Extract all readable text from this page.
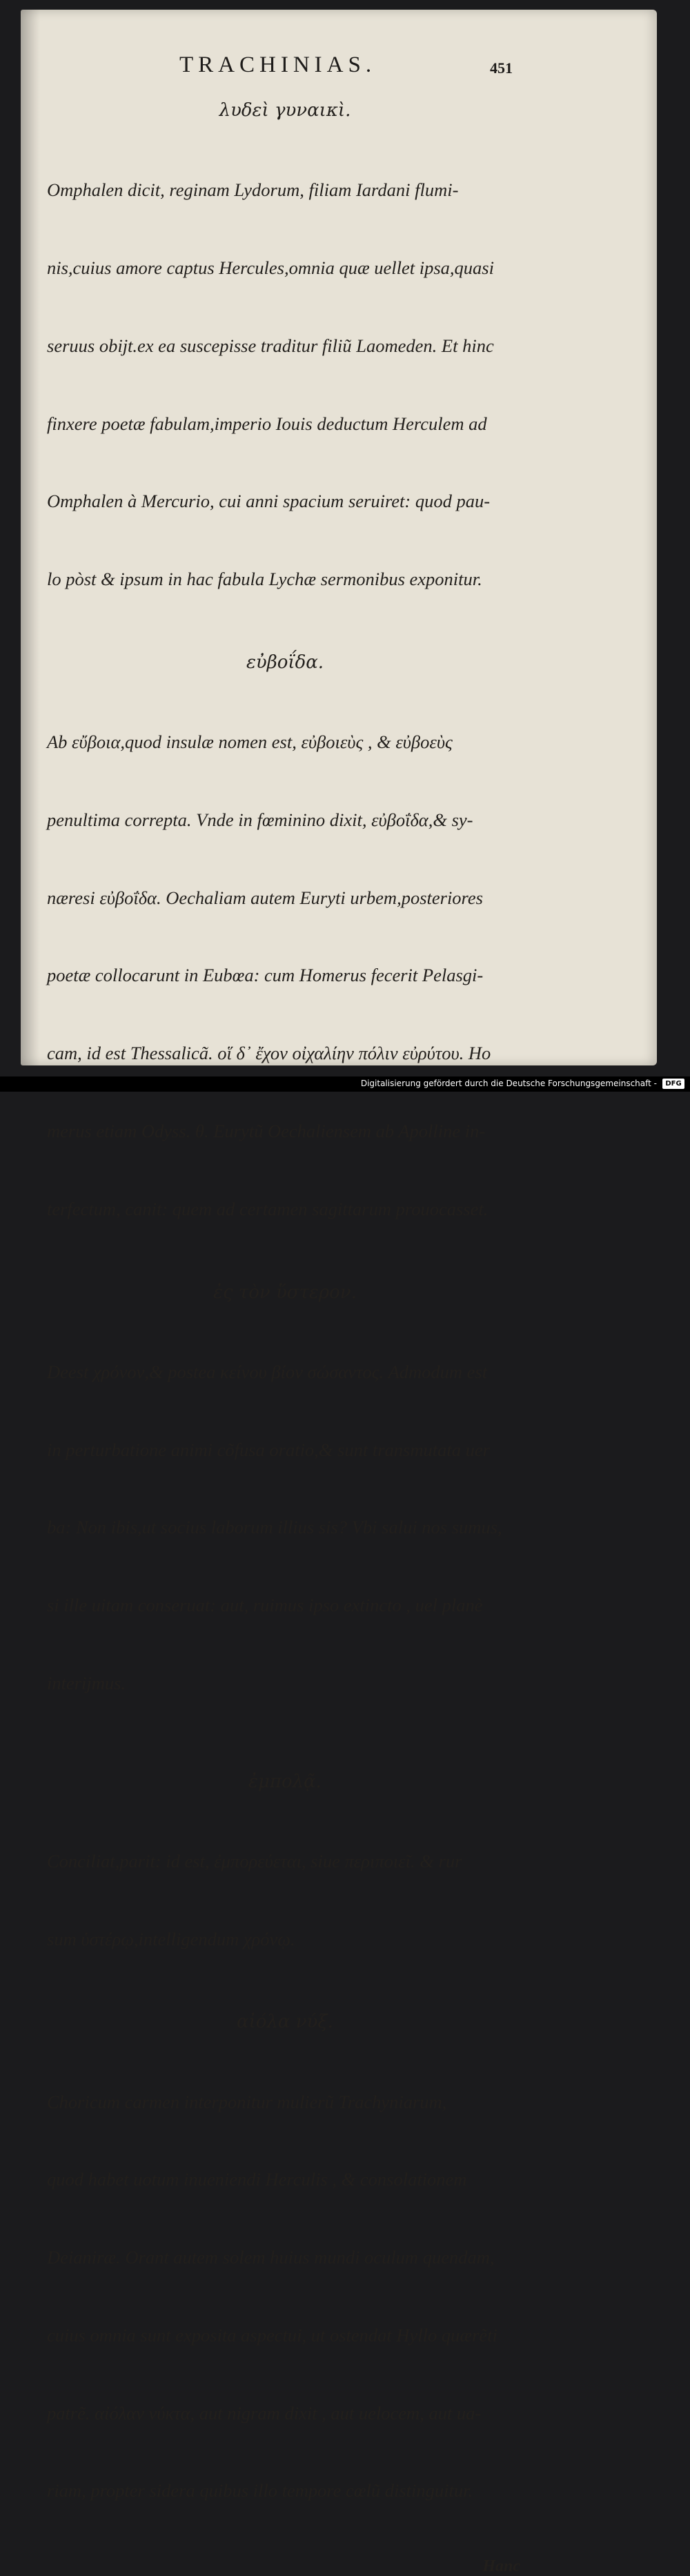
TRACHINIAS.	451
λυδεὶ γυναικὶ.

Omphalen dicit, reginam Lydorum, filiam Iardani flumi-

nis,cuius amore captus Hercules,omnia quæ uellet ipsa,quasi

seruus obijt.ex ea suscepisse traditur filiũ Laomeden. Et hinc

finxere poetæ fabulam,imperio Iouis deductum Herculem ad

Omphalen à Mercurio, cui anni spacium seruiret: quod pau-

lo pòst & ipsum in hac fabula Lychæ sermonibus exponitur.

εὐβοΐδα.

Ab εὔβοια,quod insulæ nomen est, εὐβοιεὺς , & εὐβοεὺς

penultima correpta. Vnde in fœminino dixit, εὐβοΐδα,& sy-

næresi εὐβοΐδα. Oechaliam autem Euryti urbem,posteriores

poetæ collocarunt in Eubœa: cum Homerus fecerit Pelasgi-

cam, id est Thessalicã. οἵ δ᾽ ἔχον οἰχαλίην πόλιν εὐρύτου. Ho

merus etiam Odyss. θ. Eurytũ Oechaliensem ab Apolline in-

terfectum, canit: quem ad certamen sagittarum prouocasset.

ἐς τὸν ὕστερον.

Deest χρόνον,& postea κείνου βίον σώσαντος. Admodum est

in perturbatione animi cõfusa oratio,& sunt transmutata uer

ba: Non ibis,ut socius laborum illius sis? Vbi salui nos sumus,

si ille uitam conseruat: aut, ruimus ipso extincto , uel planè

interijmus.

ἐμπολᾷ.

Conciliat,parit: id est, ἐμπορεύεται, siue περιποιεῖ. & rur

sum ὑστέρῳ,intelligendum χρόνῳ.

αἰόλα νύξ.

Choricum carmen interponitur mulierũ Trachyniarum,

quod habet uotum inueniendi Herculis , & consolationem

Deianiræ. Orant autem solem huius mundi oculum quendam,

cuius omnia sunt exposita aspectui, ut ostendat Hyllo quærẽti

patrẽ. αἰόλαν νύκτα, aut nigram dixit , aut uelocem, aut ua-

riam, propter sidera quibus illo tempore cœlũ distinguitur.

Hanc
Digitalisierung gefördert durch die Deutsche Forschungsgemeinschaft -	DFG
